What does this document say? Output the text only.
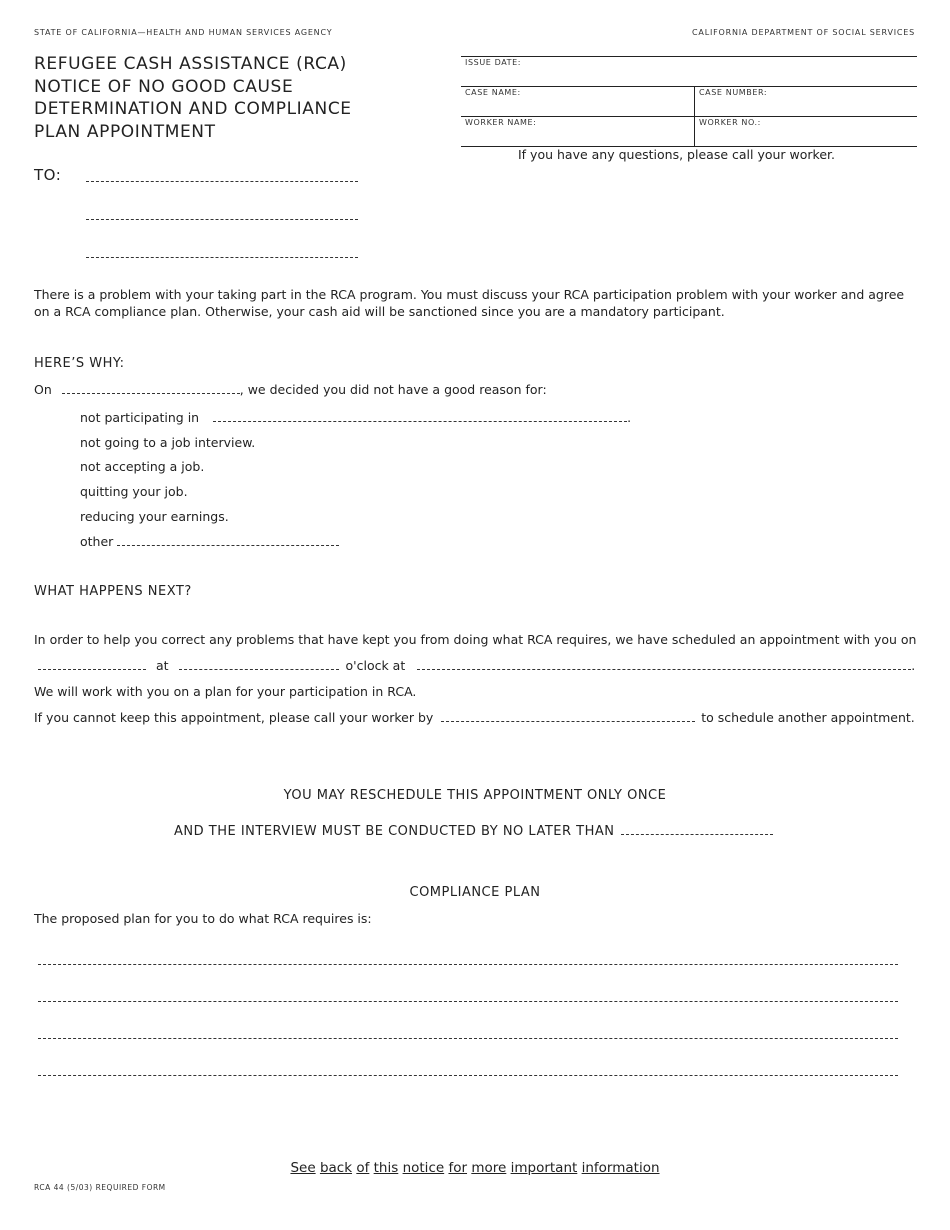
STATE OF CALIFORNIA—HEALTH AND HUMAN SERVICES AGENCY	CALIFORNIA DEPARTMENT OF SOCIAL SERVICES
REFUGEE CASH ASSISTANCE (RCA)
NOTICE OF NO GOOD CAUSE
DETERMINATION AND COMPLIANCE
PLAN APPOINTMENT
ISSUE DATE:	
CASE NAME:	CASE NUMBER:
WORKER NAME:	WORKER NO.:
If you have any questions, please call your worker.
TO:
There is a problem with your taking part in the RCA program. You must discuss your RCA participation problem with your worker and agree on a RCA compliance plan. Otherwise, your cash aid will be sanctioned since you are a mandatory participant.
HERE’S WHY:
On	, we decided you did not have a good reason for:
not participating in	.
not going to a job interview.
not accepting a job.
quitting your job.
reducing your earnings.
other
WHAT HAPPENS NEXT?
In order to help you correct any problems that have kept you from doing what RCA requires, we have scheduled an appointment with you on
at	o'clock at	.
We will work with you on a plan for your participation in RCA.
If you cannot keep this appointment, please call your worker by	to schedule another appointment.
YOU MAY RESCHEDULE THIS APPOINTMENT ONLY ONCE
AND THE INTERVIEW MUST BE CONDUCTED BY NO LATER THAN
COMPLIANCE PLAN
The proposed plan for you to do what RCA requires is:
See back of this notice for more important information
RCA 44 (5/03) REQUIRED FORM
